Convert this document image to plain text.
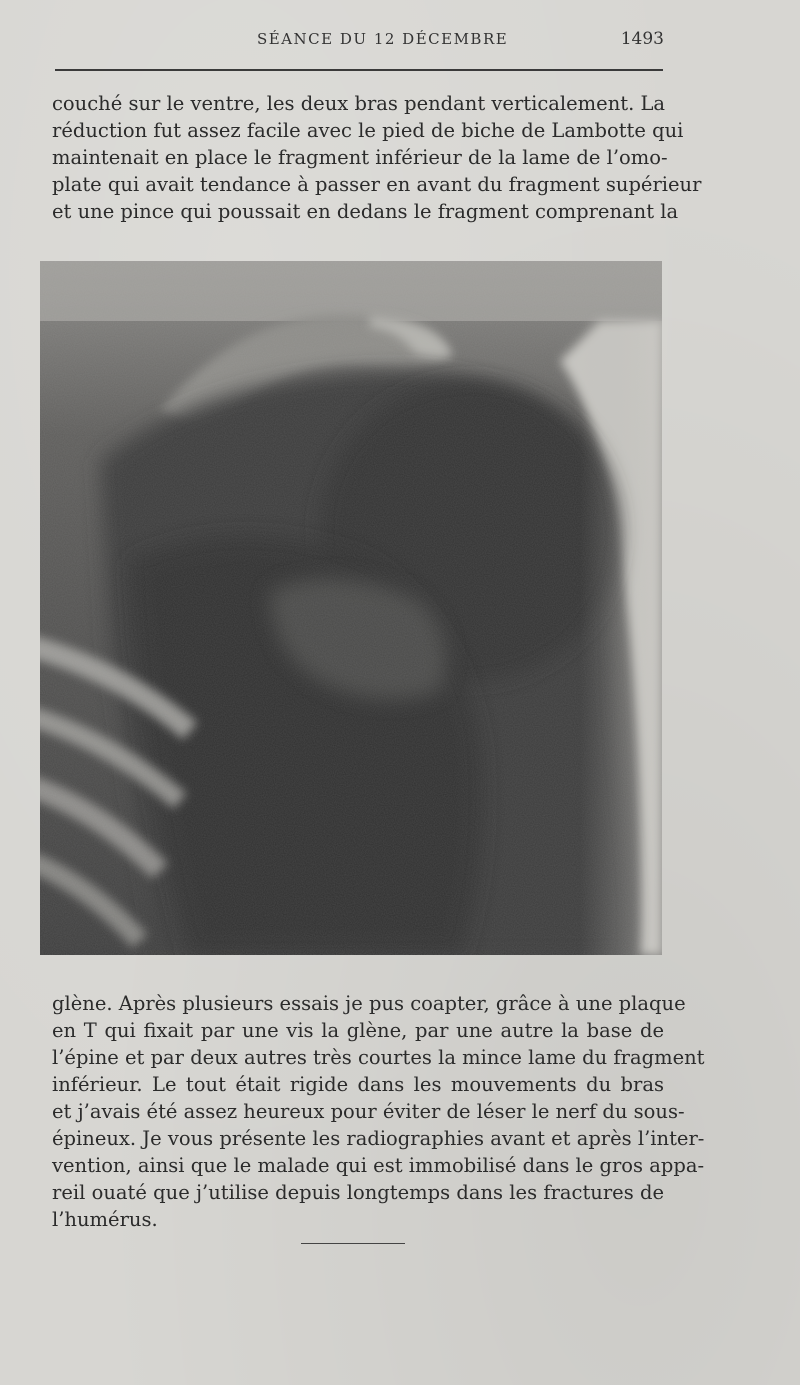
SÉANCE DU 12 DÉCEMBRE	1493
couché sur le ventre, les deux bras pendant verticalement. La
réduction fut assez facile avec le pied de biche de Lambotte qui
maintenait en place le fragment inférieur de la lame de l’omo-
plate qui avait tendance à passer en avant du fragment supérieur
et une pince qui poussait en dedans le fragment comprenant la
glène. Après plusieurs essais je pus coapter, grâce à une plaque
en T qui fixait par une vis la glène, par une autre la base de
l’épine et par deux autres très courtes la mince lame du fragment
inférieur. Le tout était rigide dans les mouvements du bras
et j’avais été assez heureux pour éviter de léser le nerf du sous-
épineux. Je vous présente les radiographies avant et après l’inter-
vention, ainsi que le malade qui est immobilisé dans le gros appa-
reil ouaté que j’utilise depuis longtemps dans les fractures de
l’humérus.
